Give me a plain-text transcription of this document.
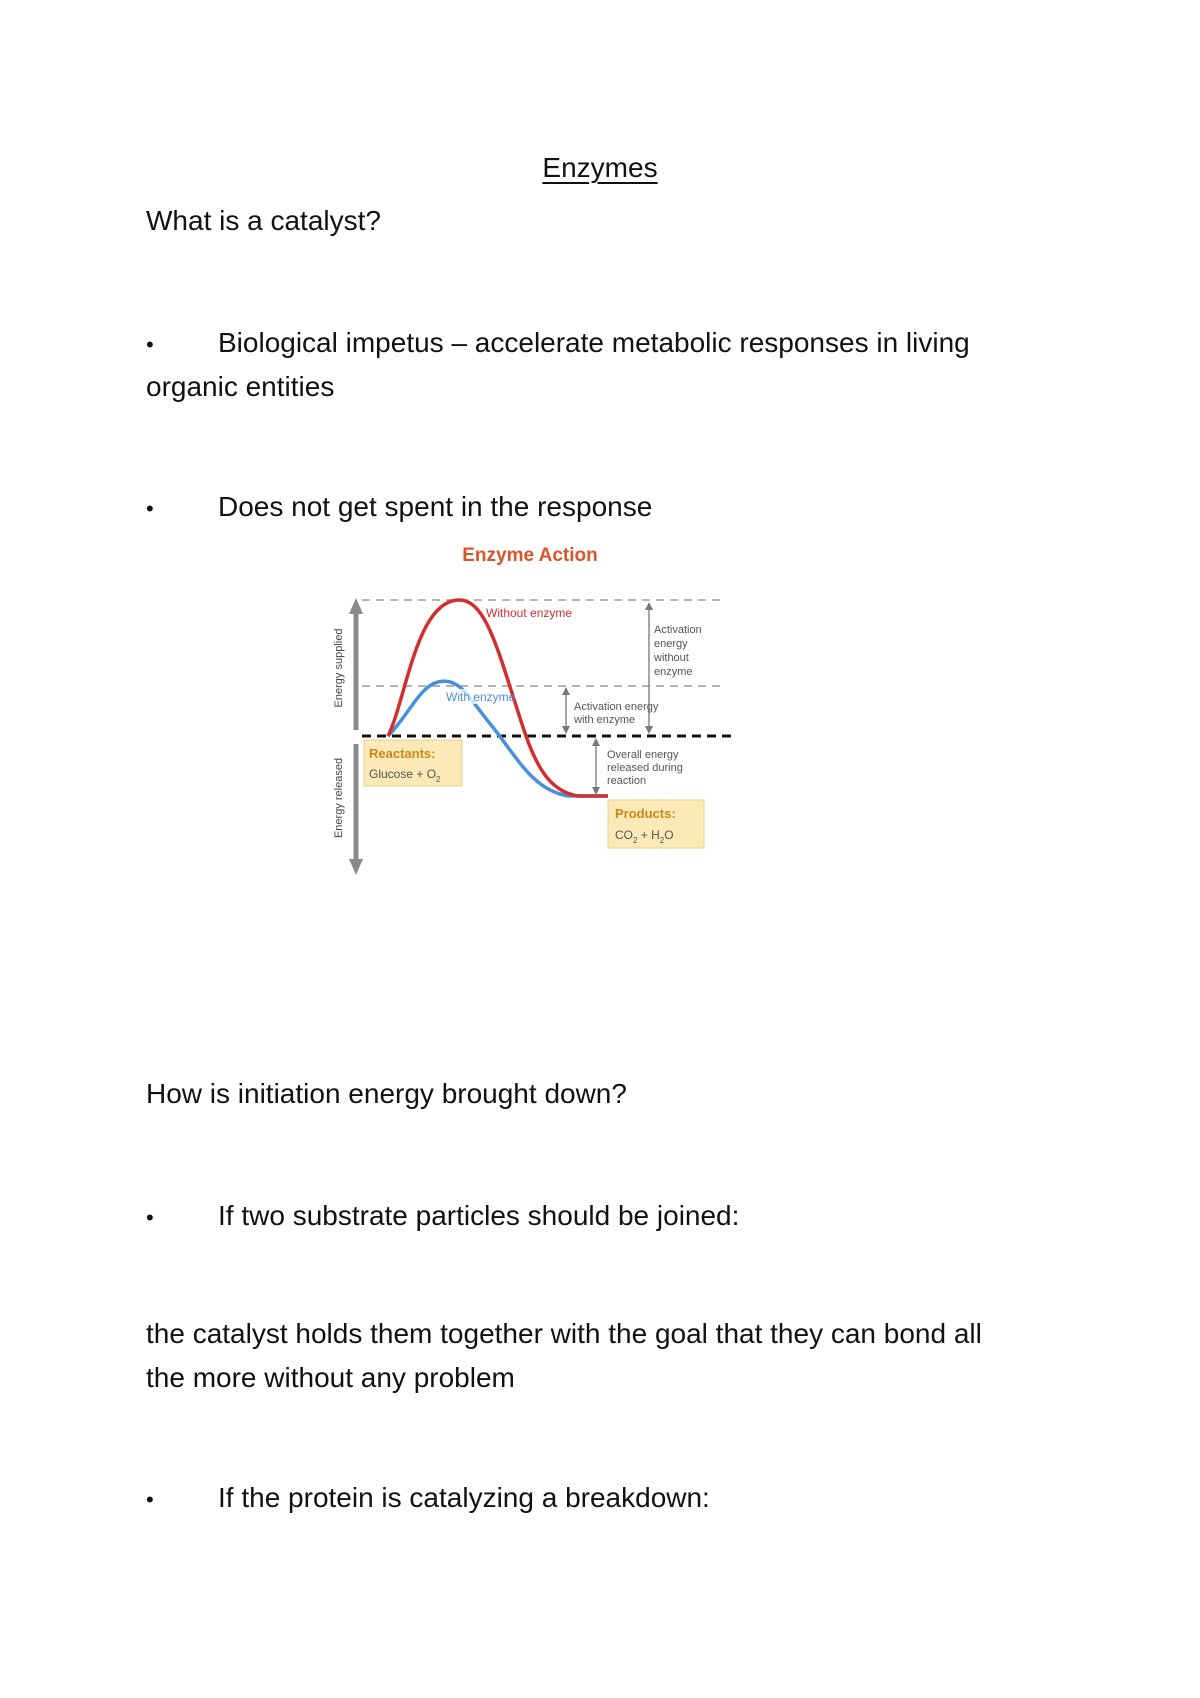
Enzymes
What is a catalyst?
• Biological impetus – accelerate metabolic responses in living
organic entities
• Does not get spent in the response
Enzyme Action
Energy supplied
Energy released
Without enzyme
With enzyme
Activation energy without enzyme
Activation energy with enzyme
Overall energy released during reaction
Reactants:
$Glucose + O_2$
Products:
$CO_2 + H_2O$
How is initiation energy brought down?
• If two substrate particles should be joined:
the catalyst holds them together with the goal that they can bond all
the more without any problem
• If the protein is catalyzing a breakdown:
